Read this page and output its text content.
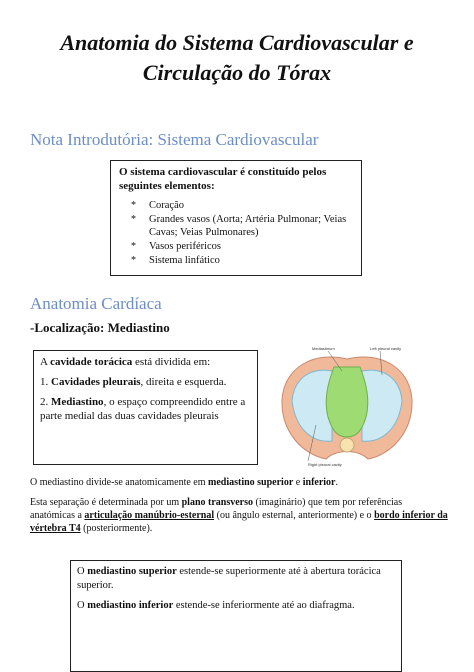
Anatomia do Sistema Cardiovascular e Circulação do Tórax
Nota Introdutória: Sistema Cardiovascular

O sistema cardiovascular é constituído pelos seguintes elementos:

* Coração
* Grandes vasos (Aorta; Artéria Pulmonar; Veias Cavas; Veias Pulmonares)
* Vasos periféricos
* Sistema linfático
Anatomia Cardíaca

-Localização: Mediastino

A cavidade torácica está dividida em:

1. Cavidades pleurais, direita e esquerda.

2. Mediastino, o espaço compreendido entre a parte medial das duas cavidades pleurais

Mediastinum	Left pleural cavity
Right pleural cavity

O mediastino divide-se anatomicamente em mediastino superior e inferior.

Esta separação é determinada por um plano transverso (imaginário) que tem por referências anatómicas a articulação manúbrio-esternal (ou ângulo esternal, anteriormente) e o bordo inferior da vértebra T4 (posteriormente).

O mediastino superior estende-se superiormente até à abertura torácica superior.

O mediastino inferior estende-se inferiormente até ao diafragma.
